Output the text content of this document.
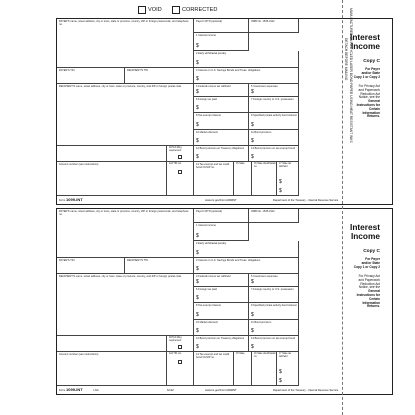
VOID	CORRECTED
PAYER'S name, street address, city or town, state or province, country, ZIP or foreign postal code, and telephone no.
Payer's RTN (optional)	OMB No. 1545-0112
1 Interest income
$
2 Early withdrawal penalty
$
PAYER'S TIN	RECIPIENT'S TIN	3 Interest on U.S. Savings Bonds and Treas. obligations
$
RECIPIENT'S name, street address, city or town, state or province, country, and ZIP or foreign postal code	4 Federal income tax withheld
$
5 Investment expenses
$
6 Foreign tax paid
$
7 Foreign country or U.S. possession
8 Tax-exempt interest
$
9 Specified private activity bond interest
$
10 Market discount
$
11 Bond premium
$
FATCA filing requirement
12 Bond premium on Treasury obligations
$
13 Bond premium on tax-exempt bond
$
Account number (see instructions)	2nd TIN not.	14 Tax-exempt and tax credit bond CUSIP no.
15 State	16 State identification no.
17 State tax withheld
$
$
Interest
Income
Copy C
For Payer
and/or State
Copy 1 or Copy 2
For Privacy Act
and Paperwork
Reduction Act
Notice, see the
General
Instructions for
Certain
Information
Returns.
Form 1099-INT	www.irs.gov/Form1099INT	Department of the Treasury - Internal Revenue Service
PAYER'S name, street address, city or town, state or province, country, ZIP or foreign postal code, and telephone no.
Payer's RTN (optional)	OMB No. 1545-0112
1 Interest income
$
2 Early withdrawal penalty
$
PAYER'S TIN	RECIPIENT'S TIN	3 Interest on U.S. Savings Bonds and Treas. obligations
$
RECIPIENT'S name, street address, city or town, state or province, country, and ZIP or foreign postal code	4 Federal income tax withheld
$
5 Investment expenses
$
6 Foreign tax paid
$
7 Foreign country or U.S. possession
8 Tax-exempt interest
$
9 Specified private activity bond interest
$
10 Market discount
$
11 Bond premium
$
FATCA filing requirement
12 Bond premium on Treasury obligations
$
13 Bond premium on tax-exempt bond
$
Account number (see instructions)	2nd TIN not.	14 Tax-exempt and tax credit bond CUSIP no.
15 State	16 State identification no.
17 State tax withheld
$
$
Interest
Income
Copy C
For Payer
and/or State
Copy 1 or Copy 2
For Privacy Act
and Paperwork
Reduction Act
Notice, see the
General
Instructions for
Certain
Information
Returns.
Form 1099-INT	LSC	6/122	www.irs.gov/Form1099INT	Department of the Treasury - Internal Revenue Service
MANUFACTURED ON RECYCLED LASER BOND PAPER USING HEAT RESISTANT INKS
DETACH BEFORE MAILING
